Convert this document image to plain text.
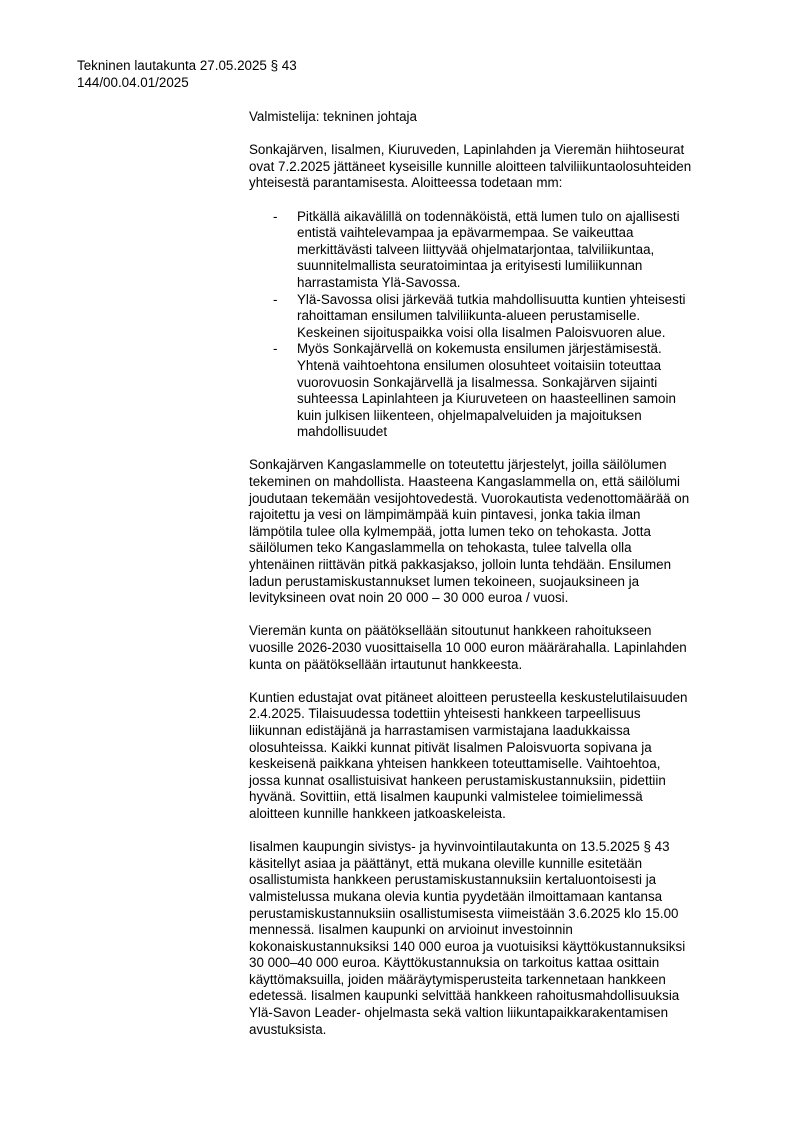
Tekninen lautakunta 27.05.2025 § 43
144/00.04.01/2025

Valmistelija: tekninen johtaja

Sonkajärven, Iisalmen, Kiuruveden, Lapinlahden ja Vieremän hiihtoseurat
ovat 7.2.2025 jättäneet kyseisille kunnille aloitteen talviliikuntaolosuhteiden
yhteisestä parantamisesta. Aloitteessa todetaan mm:

- Pitkällä aikavälillä on todennäköistä, että lumen tulo on ajallisesti
entistä vaihtelevampaa ja epävarmempaa. Se vaikeuttaa
merkittävästi talveen liittyvää ohjelmatarjontaa, talviliikuntaa,
suunnitelmallista seuratoimintaa ja erityisesti lumiliikunnan
harrastamista Ylä-Savossa.
- Ylä-Savossa olisi järkevää tutkia mahdollisuutta kuntien yhteisesti
rahoittaman ensilumen talviliikunta-alueen perustamiselle.
Keskeinen sijoituspaikka voisi olla Iisalmen Paloisvuoren alue.
- Myös Sonkajärvellä on kokemusta ensilumen järjestämisestä.
Yhtenä vaihtoehtona ensilumen olosuhteet voitaisiin toteuttaa
vuorovuosin Sonkajärvellä ja Iisalmessa. Sonkajärven sijainti
suhteessa Lapinlahteen ja Kiuruveteen on haasteellinen samoin
kuin julkisen liikenteen, ohjelmapalveluiden ja majoituksen
mahdollisuudet

Sonkajärven Kangaslammelle on toteutettu järjestelyt, joilla säilölumen
tekeminen on mahdollista. Haasteena Kangaslammella on, että säilölumi
joudutaan tekemään vesijohtovedestä. Vuorokautista vedenottomäärää on
rajoitettu ja vesi on lämpimämpää kuin pintavesi, jonka takia ilman
lämpötila tulee olla kylmempää, jotta lumen teko on tehokasta. Jotta
säilölumen teko Kangaslammella on tehokasta, tulee talvella olla
yhtenäinen riittävän pitkä pakkasjakso, jolloin lunta tehdään. Ensilumen
ladun perustamiskustannukset lumen tekoineen, suojauksineen ja
levityksineen ovat noin 20 000 – 30 000 euroa / vuosi.

Vieremän kunta on päätöksellään sitoutunut hankkeen rahoitukseen
vuosille 2026-2030 vuosittaisella 10 000 euron määrärahalla. Lapinlahden
kunta on päätöksellään irtautunut hankkeesta.

Kuntien edustajat ovat pitäneet aloitteen perusteella keskustelutilaisuuden
2.4.2025. Tilaisuudessa todettiin yhteisesti hankkeen tarpeellisuus
liikunnan edistäjänä ja harrastamisen varmistajana laadukkaissa
olosuhteissa. Kaikki kunnat pitivät Iisalmen Paloisvuorta sopivana ja
keskeisenä paikkana yhteisen hankkeen toteuttamiselle. Vaihtoehtoa,
jossa kunnat osallistuisivat hankeen perustamiskustannuksiin, pidettiin
hyvänä. Sovittiin, että Iisalmen kaupunki valmistelee toimielimessä
aloitteen kunnille hankkeen jatkoaskeleista.

Iisalmen kaupungin sivistys- ja hyvinvointilautakunta on 13.5.2025 § 43
käsitellyt asiaa ja päättänyt, että mukana oleville kunnille esitetään
osallistumista hankkeen perustamiskustannuksiin kertaluontoisesti ja
valmistelussa mukana olevia kuntia pyydetään ilmoittamaan kantansa
perustamiskustannuksiin osallistumisesta viimeistään 3.6.2025 klo 15.00
mennessä. Iisalmen kaupunki on arvioinut investoinnin
kokonaiskustannuksiksi 140 000 euroa ja vuotuisiksi käyttökustannuksiksi
30 000–40 000 euroa. Käyttökustannuksia on tarkoitus kattaa osittain
käyttömaksuilla, joiden määräytymisperusteita tarkennetaan hankkeen
edetessä. Iisalmen kaupunki selvittää hankkeen rahoitusmahdollisuuksia
Ylä-Savon Leader- ohjelmasta sekä valtion liikuntapaikkarakentamisen
avustuksista.
